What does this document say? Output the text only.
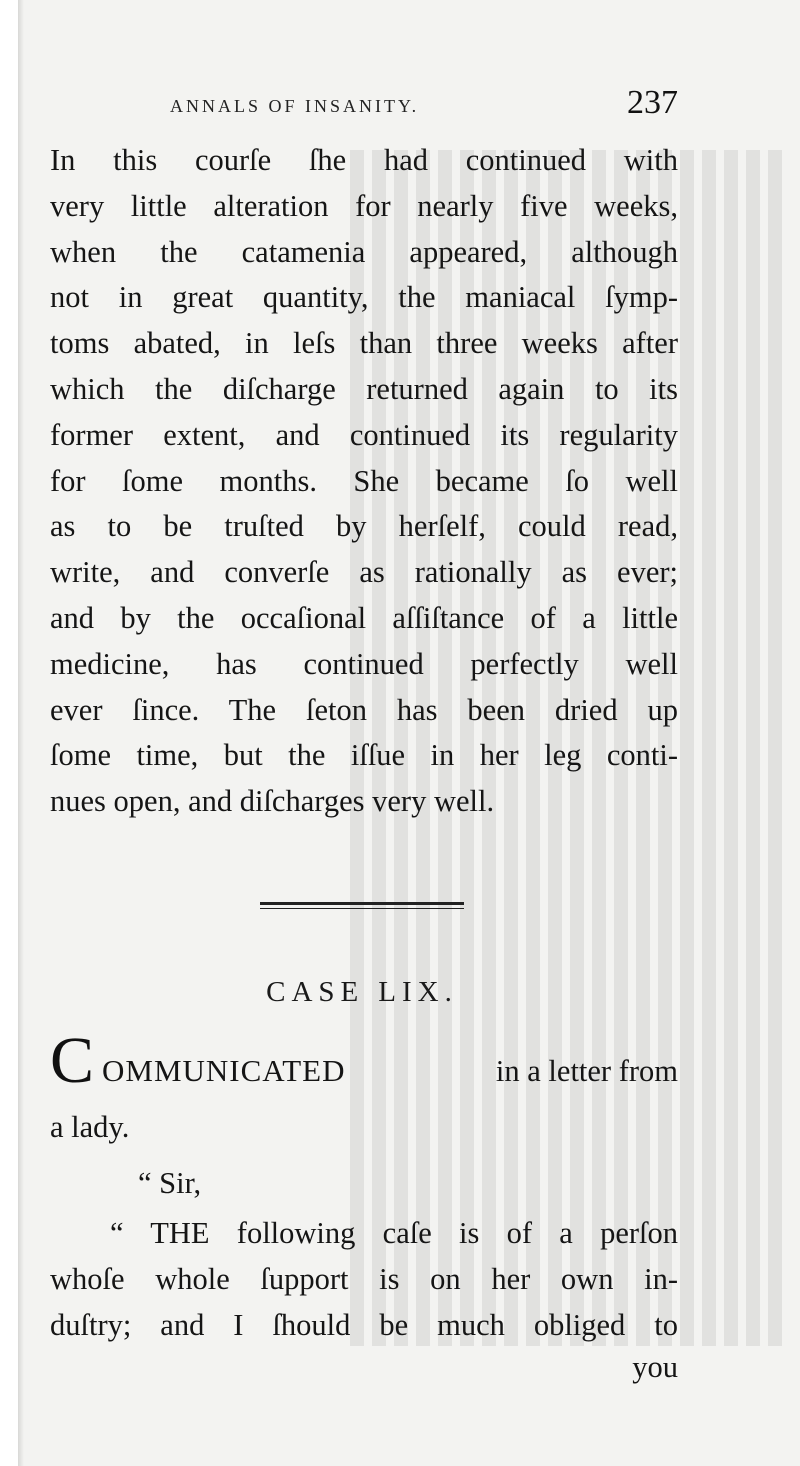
ANNALS OF INSANITY.	237
In this courſe ſhe had continued with
very little alteration for nearly five weeks,
when the catamenia appeared, although
not in great quantity, the maniacal ſymp-
toms abated, in leſs than three weeks after
which the diſcharge returned again to its
former extent, and continued its regularity
for ſome months. She became ſo well
as to be truſted by herſelf, could read,
write, and converſe as rationally as ever;
and by the occaſional aſſiſtance of a little
medicine, has continued perfectly well
ever ſince. The ſeton has been dried up
ſome time, but the iſſue in her leg conti-
nues open, and diſcharges very well.
CASE LIX.
C OMMUNICATED	in a letter from
a lady.
“ Sir,
“ THE following caſe is of a perſon
whoſe whole ſupport is on her own in-
duſtry; and I ſhould be much obliged to
you
